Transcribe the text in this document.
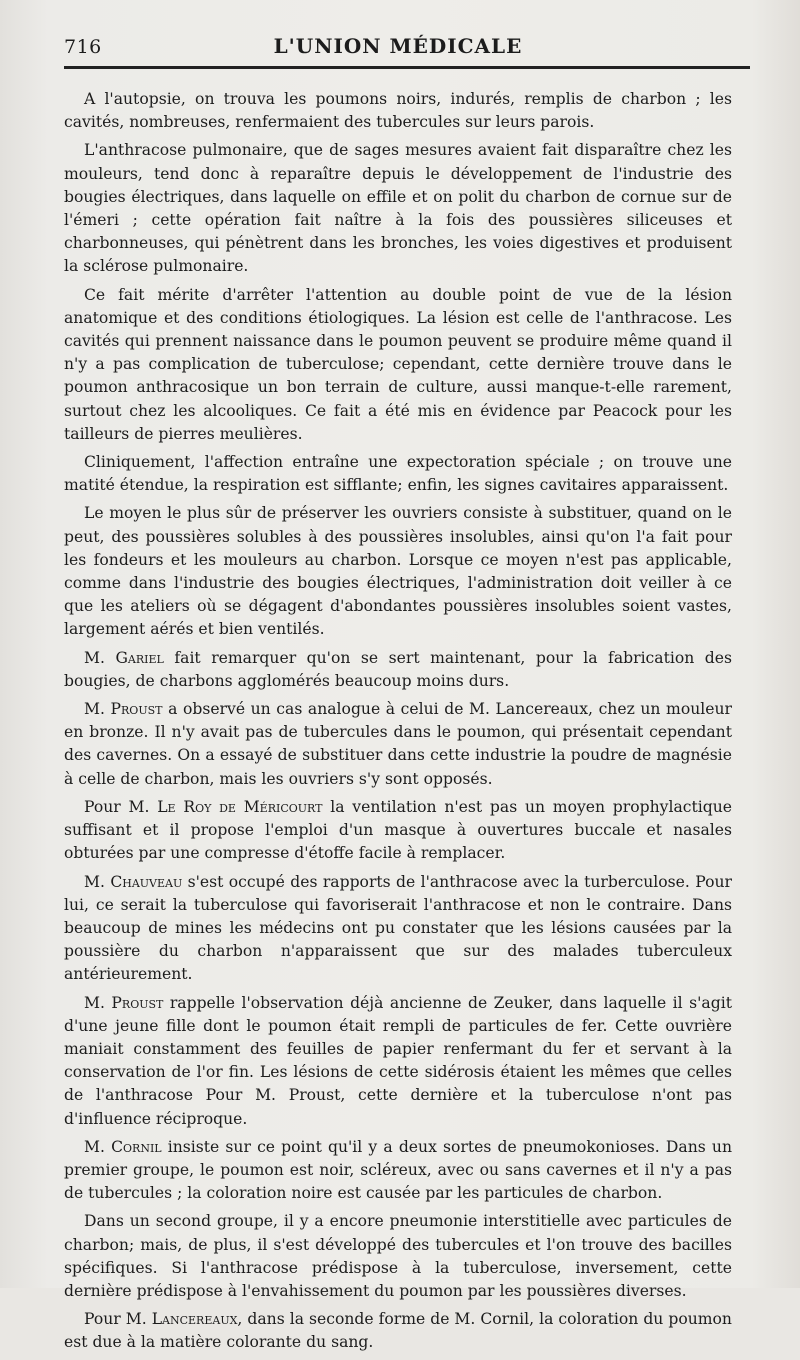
716	L'UNION MÉDICALE

A l'autopsie, on trouva les poumons noirs, indurés, remplis de charbon ; les cavités, nombreuses, renfermaient des tubercules sur leurs parois.

L'anthracose pulmonaire, que de sages mesures avaient fait disparaître chez les mouleurs, tend donc à reparaître depuis le développement de l'industrie des bougies électriques, dans laquelle on effile et on polit du charbon de cornue sur de l'émeri ; cette opération fait naître à la fois des poussières siliceuses et charbonneuses, qui pénètrent dans les bronches, les voies digestives et produisent la sclérose pulmonaire.

Ce fait mérite d'arrêter l'attention au double point de vue de la lésion anatomique et des conditions étiologiques. La lésion est celle de l'anthracose. Les cavités qui prennent naissance dans le poumon peuvent se produire même quand il n'y a pas complication de tuberculose; cependant, cette dernière trouve dans le poumon anthracosique un bon terrain de culture, aussi manque-t-elle rarement, surtout chez les alcooliques. Ce fait a été mis en évidence par Peacock pour les tailleurs de pierres meulières.

Cliniquement, l'affection entraîne une expectoration spéciale ; on trouve une matité étendue, la respiration est sifflante; enfin, les signes cavitaires apparaissent.

Le moyen le plus sûr de préserver les ouvriers consiste à substituer, quand on le peut, des poussières solubles à des poussières insolubles, ainsi qu'on l'a fait pour les fondeurs et les mouleurs au charbon. Lorsque ce moyen n'est pas applicable, comme dans l'industrie des bougies électriques, l'administration doit veiller à ce que les ateliers où se dégagent d'abondantes poussières insolubles soient vastes, largement aérés et bien ventilés.

M. Gariel fait remarquer qu'on se sert maintenant, pour la fabrication des bougies, de charbons agglomérés beaucoup moins durs.

M. Proust a observé un cas analogue à celui de M. Lancereaux, chez un mouleur en bronze. Il n'y avait pas de tubercules dans le poumon, qui présentait cependant des cavernes. On a essayé de substituer dans cette industrie la poudre de magnésie à celle de charbon, mais les ouvriers s'y sont opposés.

Pour M. Le Roy de Méricourt la ventilation n'est pas un moyen prophylactique suffisant et il propose l'emploi d'un masque à ouvertures buccale et nasales obturées par une compresse d'étoffe facile à remplacer.

M. Chauveau s'est occupé des rapports de l'anthracose avec la turberculose. Pour lui, ce serait la tuberculose qui favoriserait l'anthracose et non le contraire. Dans beaucoup de mines les médecins ont pu constater que les lésions causées par la poussière du charbon n'apparaissent que sur des malades tuberculeux antérieurement.

M. Proust rappelle l'observation déjà ancienne de Zeuker, dans laquelle il s'agit d'une jeune fille dont le poumon était rempli de particules de fer. Cette ouvrière maniait constamment des feuilles de papier renfermant du fer et servant à la conservation de l'or fin. Les lésions de cette sidérosis étaient les mêmes que celles de l'anthracose Pour M. Proust, cette dernière et la tuberculose n'ont pas d'influence réciproque.

M. Cornil insiste sur ce point qu'il y a deux sortes de pneumokonioses. Dans un premier groupe, le poumon est noir, scléreux, avec ou sans cavernes et il n'y a pas de tubercules ; la coloration noire est causée par les particules de charbon.

Dans un second groupe, il y a encore pneumonie interstitielle avec particules de charbon; mais, de plus, il s'est développé des tubercules et l'on trouve des bacilles spécifiques. Si l'anthracose prédispose à la tuberculose, inversement, cette dernière prédispose à l'envahissement du poumon par les poussières diverses.

Pour M. Lancereaux, dans la seconde forme de M. Cornil, la coloration du poumon est due à la matière colorante du sang.
